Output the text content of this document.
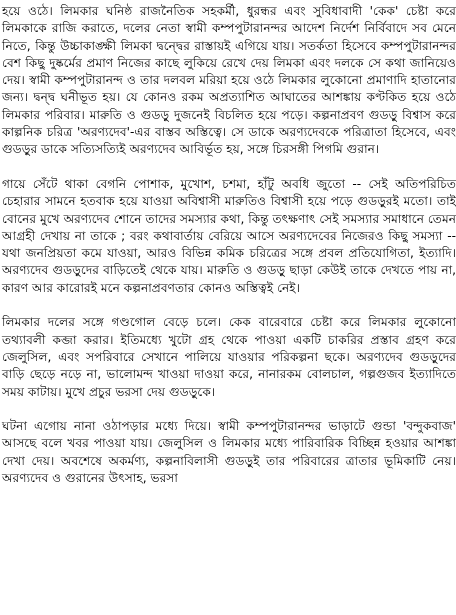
হয়ে ওঠে। লিমকার ঘনিষ্ঠ রাজনৈতিক সহকর্মী, ধুরন্ধর এবং সুবিধাবাদী 'কেক' চেষ্টা করে লিমকাকে রাজি করাতে, দলের নেতা স্বামী কম্পপুটারানন্দর আদেশ নির্দেশ নির্বিবাদে সব মেনে নিতে, কিন্তু উচ্চাকাঙ্ক্ষী লিমকা দ্বন্দ্বের রাস্তায়ই এগিয়ে যায়। সতর্কতা হিসেবে কম্পপুটারানন্দর বেশ কিছু দুষ্কর্মের প্রমাণ নিজের কাছে লুকিয়ে রেখে দেয় লিমকা এবং দলকে সে কথা জানিয়েও দেয়। স্বামী কম্পপুটারানন্দ ও তার দলবল মরিয়া হয়ে ওঠে লিমকার লুকোনো প্রমাণাদি হাতানোর জন্য। দ্বন্দ্ব ঘনীভূত হয়। যে কোনও রকম অপ্রত্যাশিত আঘাতের আশঙ্কায় কণ্টকিত হয়ে ওঠে লিমকার পরিবার। মারুতি ও গুডড়ু দুজনেই বিচলিত হয়ে পড়ে। কল্পনাপ্রবণ গুডড়ু বিশ্বাস করে কাল্পনিক চরিত্র 'অরণ্যদেব'-এর বাস্তব অস্তিত্বে। সে ডাকে অরণ্যদেবকে পরিত্রাতা হিসেবে, এবং গুডড়ুর ডাকে সত্যিসত্যিই অরণ্যদেব আবির্ভূত হয়, সঙ্গে চিরসঙ্গী পিগমি গুরান।

গায়ে সেঁটে থাকা বেগনি পোশাক, মুখোশ, চশমা, হাঁটু অবধি জুতো -- সেই অতিপরিচিত চেহারার সামনে হতবাক হয়ে যাওয়া অবিশ্বাসী মারুতিও বিশ্বাসী হয়ে পড়ে গুডড়ুরই মতো। তাই বোনের মুখে অরণ্যদেব শোনে তাদের সমস্যার কথা, কিন্তু তৎক্ষণাৎ সেই সমস্যার সমাধানে তেমন আগ্রহী দেখায় না তাকে ; বরং কথাবার্তায় বেরিয়ে আসে অরণ্যদেবের নিজেরও কিছু সমস্যা -- যথা জনপ্রিয়তা কমে যাওয়া, আরও বিভিন্ন কমিক চরিত্রের সঙ্গে প্রবল প্রতিযোগিতা, ইত্যাদি। অরণ্যদেব গুডড়ুদের বাড়িতেই থেকে যায়। মারুতি ও গুডড়ু ছাড়া কেউই তাকে দেখতে পায় না, কারণ আর কারোরই মনে কল্পনাপ্রবণতার কোনও অস্তিত্বই নেই।

লিমকার দলের সঙ্গে গণ্ডগোল বেড়ে চলে। কেক বারেবারে চেষ্টা করে লিমকার লুকোনো তথ্যাবলী কব্জা করার। ইতিমধ্যে খুটো গ্রহ থেকে পাওয়া একটি চাকরির প্রস্তাব গ্রহণ করে জেলুসিল, এবং সপরিবারে সেখানে পালিয়ে যাওয়ার পরিকল্পনা ছকে। অরণ্যদেব গুডড়ুদের বাড়ি ছেড়ে নড়ে না, ভালোমন্দ খাওয়া দাওয়া করে, নানারকম বোলচাল, গল্পগুজব ইত্যাদিতে সময় কাটায়। মুখে প্রচুর ভরসা দেয় গুডড়ুকে।

ঘটনা এগোয় নানা ওঠাপড়ার মধ্যে দিয়ে। স্বামী কম্পপুটারানন্দর ভাড়াটে গুন্ডা 'বন্দুকবাজ' আসছে বলে খবর পাওয়া যায়। জেলুসিল ও লিমকার মধ্যে পারিবারিক বিচ্ছিন্ন হওয়ার আশঙ্কা দেখা দেয়। অবশেষে অকর্মণ্য, কল্পনাবিলাসী গুডড়ুই তার পরিবারের ত্রাতার ভূমিকাটি নেয়। অরণ্যদেব ও গুরানের উৎসাহ, ভরসা
